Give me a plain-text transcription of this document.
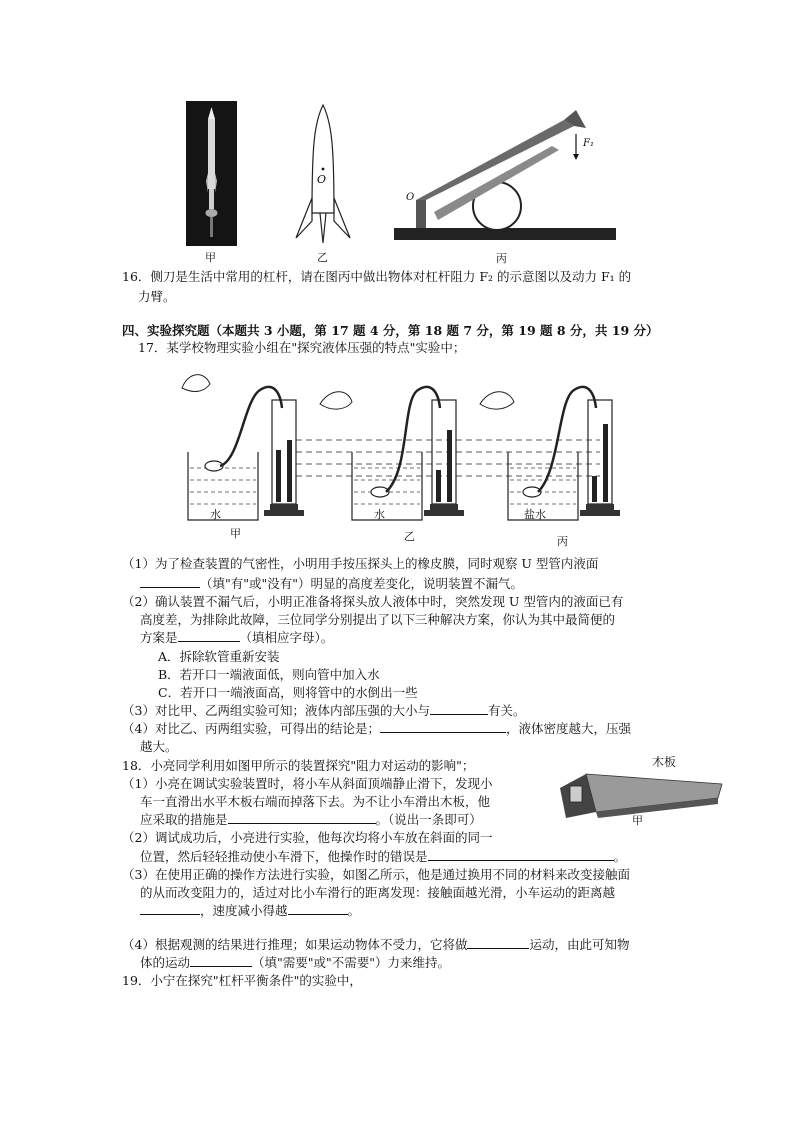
甲
O
乙
O
F₁
丙
16．侧刀是生活中常用的杠杆，请在图丙中做出物体对杠杆阻力 F₂ 的示意图以及动力 F₁ 的
力臂。
四、实验探究题（本题共 3 小题，第 17 题 4 分，第 18 题 7 分，第 19 题 8 分，共 19 分）
17．某学校物理实验小组在"探究液体压强的特点"实验中；
水	水	盐水
甲	乙	丙
（1）为了检查装置的气密性，小明用手按压探头上的橡皮膜，同时观察 U 型管内液面
（填"有"或"没有"）明显的高度差变化，说明装置不漏气。
（2）确认装置不漏气后，小明正准备将探头放人液体中时，突然发现 U 型管内的液面已有
高度差，为排除此故障，三位同学分别提出了以下三种解决方案，你认为其中最简便的
方案是	（填相应字母）。
A．拆除软管重新安装
B．若开口一端液面低，则向管中加入水
C．若开口一端液面高，则将管中的水倒出一些
（3）对比甲、乙两组实验可知；液体内部压强的大小与	有关。
（4）对比乙、丙两组实验，可得出的结论是；	，液体密度越大，压强
越大。
18．小亮同学利用如图甲所示的装置探究"阻力对运动的影响"；	木板
甲
（1）小亮在调试实验装置时，将小车从斜面顶端静止滑下，发现小
车一直滑出水平木板右端而掉落下去。为不让小车滑出木板，他
应采取的措施是	。（说出一条即可）
（2）调试成功后，小亮进行实验，他每次均将小车放在斜面的同一
位置，然后轻轻推动使小车滑下，他操作时的错误是	。
（3）在使用正确的操作方法进行实验，如图乙所示，他是通过换用不同的材料来改变接触面
的从而改变阻力的，适过对比小车滑行的距离发现：接触面越光滑，小车运动的距离越
，速度减小得越	。
（4）根据观测的结果进行推理；如果运动物体不受力，它将做	运动，由此可知物
体的运动	（填"需要"或"不需要"）力来维持。
19．小宁在探究"杠杆平衡条件"的实验中，
